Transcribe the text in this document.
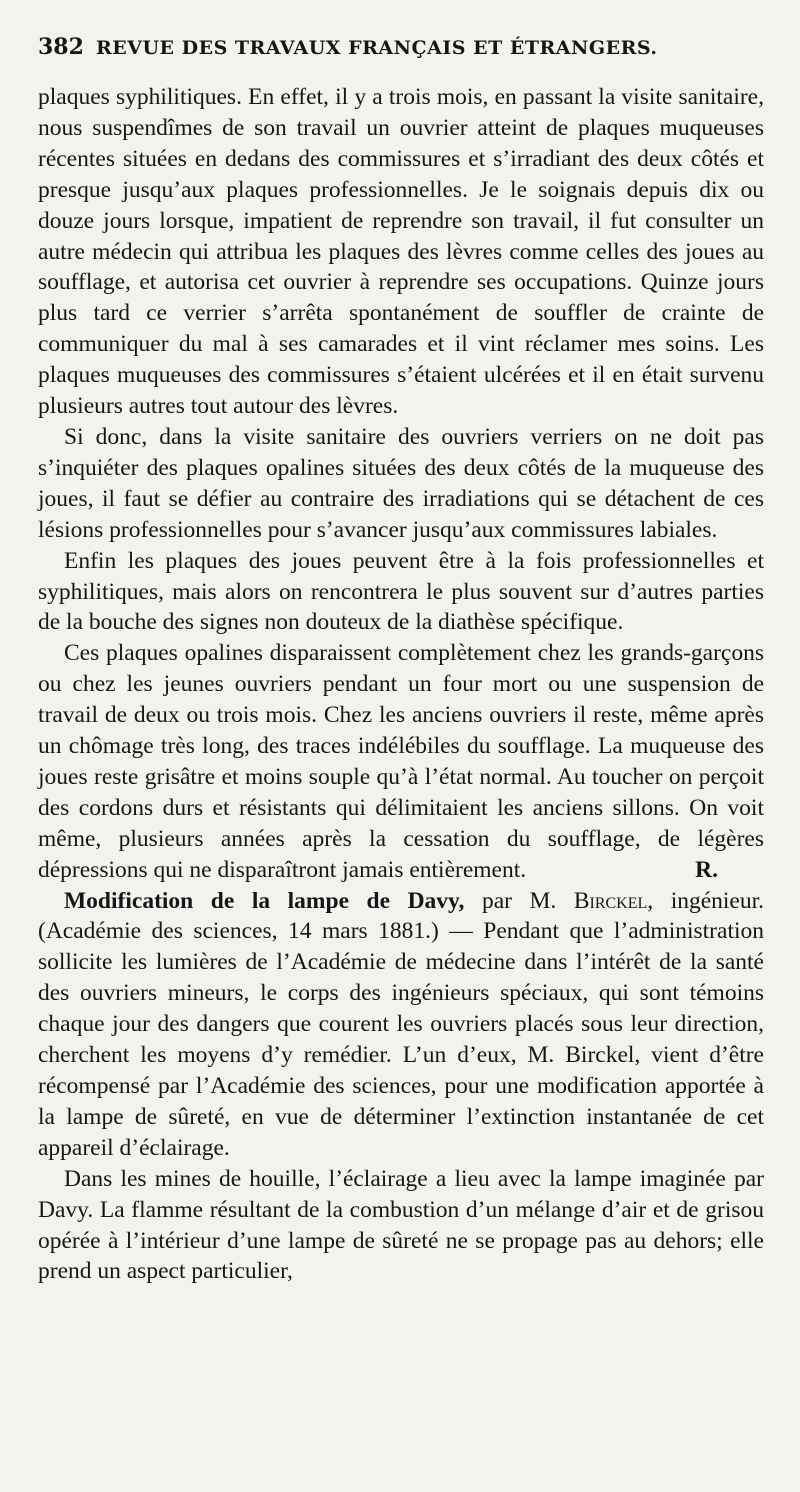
382 REVUE DES TRAVAUX FRANÇAIS ET ÉTRANGERS.

plaques syphilitiques. En effet, il y a trois mois, en passant la visite sanitaire, nous suspendîmes de son travail un ouvrier atteint de plaques muqueuses récentes situées en dedans des commissures et s’irradiant des deux côtés et presque jusqu’aux plaques professionnelles. Je le soignais depuis dix ou douze jours lorsque, impatient de reprendre son travail, il fut consulter un autre médecin qui attribua les plaques des lèvres comme celles des joues au soufflage, et autorisa cet ouvrier à reprendre ses occupations. Quinze jours plus tard ce verrier s’arrêta spontanément de souffler de crainte de communiquer du mal à ses camarades et il vint réclamer mes soins. Les plaques muqueuses des commissures s’étaient ulcérées et il en était survenu plusieurs autres tout autour des lèvres.

Si donc, dans la visite sanitaire des ouvriers verriers on ne doit pas s’inquiéter des plaques opalines situées des deux côtés de la muqueuse des joues, il faut se défier au contraire des irradiations qui se détachent de ces lésions professionnelles pour s’avancer jusqu’aux commissures labiales.

Enfin les plaques des joues peuvent être à la fois professionnelles et syphilitiques, mais alors on rencontrera le plus souvent sur d’autres parties de la bouche des signes non douteux de la diathèse spécifique.

Ces plaques opalines disparaissent complètement chez les grands-garçons ou chez les jeunes ouvriers pendant un four mort ou une suspension de travail de deux ou trois mois. Chez les anciens ouvriers il reste, même après un chômage très long, des traces indélébiles du soufflage. La muqueuse des joues reste grisâtre et moins souple qu’à l’état normal. Au toucher on perçoit des cordons durs et résistants qui délimitaient les anciens sillons. On voit même, plusieurs années après la cessation du soufflage, de légères dépressions qui ne disparaîtront jamais entièrement.	R.

Modification de la lampe de Davy, par M. Birckel, ingénieur. (Académie des sciences, 14 mars 1881.) — Pendant que l’administration sollicite les lumières de l’Académie de médecine dans l’intérêt de la santé des ouvriers mineurs, le corps des ingénieurs spéciaux, qui sont témoins chaque jour des dangers que courent les ouvriers placés sous leur direction, cherchent les moyens d’y remédier. L’un d’eux, M. Birckel, vient d’être récompensé par l’Académie des sciences, pour une modification apportée à la lampe de sûreté, en vue de déterminer l’extinction instantanée de cet appareil d’éclairage.

Dans les mines de houille, l’éclairage a lieu avec la lampe imaginée par Davy. La flamme résultant de la combustion d’un mélange d’air et de grisou opérée à l’intérieur d’une lampe de sûreté ne se propage pas au dehors; elle prend un aspect particulier,
